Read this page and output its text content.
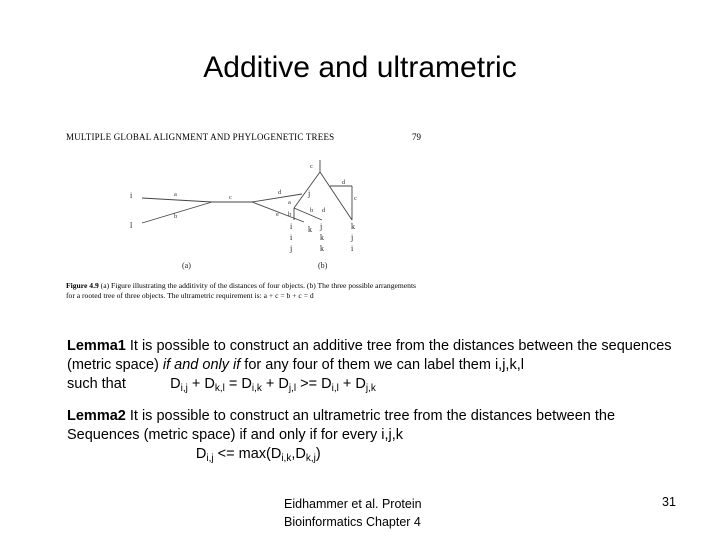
Additive and ultrametric
MULTIPLE GLOBAL ALIGNMENT AND PHYLOGENETIC TREES	79
i	j
l	k
a
b
c
d
e
(a)
c
d
a
b
b
d
c
i
i
j
j
k
k
k
j
i
(b)
Figure 4.9 (a) Figure illustrating the additivity of the distances of four objects. (b) The three possible arrangements for a rooted tree of three objects. The ultrametric requirement is: a + c = b + c = d
Lemma1 It is possible to construct an additive tree from the distances between the sequences (metric space) if and only if for any four of them we can label them i,j,k,l
such that	$D_{i,j} + D_{k,l} = D_{i,k} + D_{j,l} >= D_{i,l} + D_{j,k}$
Lemma2 It is possible to construct an ultrametric tree from the distances between the Sequences (metric space) if and only if for every i,j,k
$D_{i,j} <= \max(D_{i,k},D_{k,j})$
Eidhammer et al. Protein
Bioinformatics Chapter 4
31
